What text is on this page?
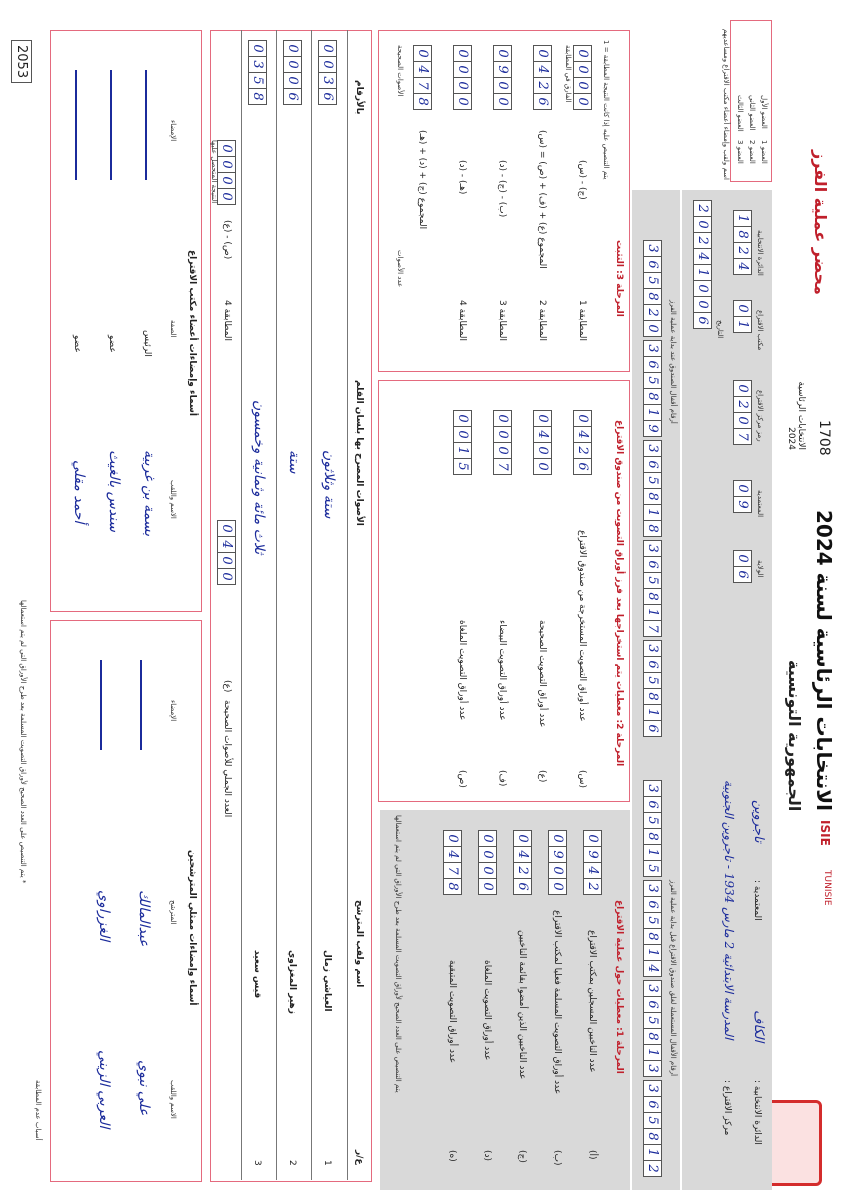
الانتخابات الرئاسية لسنة 2024
الجمهورية التونسية
1708
2053
الانتخابات الرئاسية 2024
محضر عملية الفرز
ISIE
TUNISIE
العضو 1
العضو 2
العضو 3
العضو الأول
العضو الثاني
العضو الثالث
اسم ولقب وإمضاء أعضاء مكتب الاقتراع ومساعديهم
الدائرة الانتخابية :
الكاف
المعتمدية :
تاجروين
مركز الاقتراع :
المدرسة الابتدائية 2 مارس 1934 - تاجروين الجنوبية
الولاية
0
6
المعتمدية
0
9
رمز مركز الاقتراع
0
2
0
7
مكتب الاقتراع
0
1
الدائرة الانتخابية
1
8
2
4
التاريخ
2
0
2
4
1
0
0
6
أرقام الأقفال المستعملة لغلق صندوق الاقتراع قبل بداية عملية الفرز
أرقام أقفال الصندوق عند بداية عملية الفرز
3
6
5
8
1
2
3
6
5
8
1
3
3
6
5
8
1
4
3
6
5
8
1
5
3
6
5
8
1
6
3
6
5
8
1
7
3
6
5
8
1
8
3
6
5
8
1
9
3
6
5
8
2
0
المرحلة 1: معطيات حول عملية الاقتراع
عدد الناخبين المسجلين بمكتب الاقتراع
(أ)
0
9
4
2
عدد أوراق التصويت المسلمة فعليا لمكتب الاقتراع
(ب)
0
9
0
0
عدد الناخبين الذين أمضوا بقائمة الناخبين
(ج)
0
4
2
6
عدد أوراق التصويت الملغاة
(د)
0
0
0
0
عدد أوراق التصويت المتبقية
(ه)
0
4
7
8
يتم التنصيص على العدد الصحيح لأوراق التصويت المسلمة بعد طرح الأوراق التي لم يتم استعمالها
المرحلة 2: معطيات يتم استخراجها بعد فرز أوراق التصويت من صندوق الاقتراع
عدد أوراق التصويت المستخرجة من صندوق الاقتراع
(س)
0
4
2
6
عدد أوراق التصويت الصحيحة
(ع)
0
4
0
0
عدد أوراق التصويت البيضاء
(ف)
0
0
0
7
عدد أوراق التصويت الملغاة
(ص)
0
0
1
5
المرحلة 3: التثبت
يتم التنصيص عليه إذا كانت النتيجة المطابقة = 1
المطابقة 1
(ج) - (س)
0
0
0
0
الفارق في المطابقة
المطابقة 2
المجموع (ع) + (ف) + (ص) = (س)
0
4
2
6
المطابقة 3
(ب) - (ج) - (د)
0
9
0
0
المطابقة 4
(هـ) - (د)
0
0
0
0
المجموع (ج) + (د) + (هـ)
0
4
7
8
الأصوات الصحيحة
عدد الأصوات
ع/ر
اسم ولقب المترشح
الأصوات المصرح بها بلسان القلم
بالأرقام
1
العياشي زمال
ستة وثلاثون
0
0
3
6
2
زهير المغزاوي
ستة
0
0
0
6
3
قيس سعيد
ثلاث مائة وثمانية وخمسون
0
3
5
8
العدد الجملي للأصوات الصحيحة
(ع)
0
4
0
0
المطابقة 4
(ص) - (ع)
0
0
0
0
النتيجة المتحصل عليها
أسماء وإمضاءات ممثلي المترشحين
الاسم واللقب
المترشح
الإمضاء
علي نبوي
عبدالمالك
العربي الزيني
الغزراوي
أسماء وإمضاءات أعضاء مكتب الاقتراع
الاسم واللقب
الصفة
الإمضاء
بسمة بن غربية
الرئيس
سندس بالغيث
عضو
أحمد مقلي
عضو
أسباب عدم المطابقة
* يتم التنصيص على العدد الصحيح لأوراق التصويت المسلمة بعد طرح الأوراق التي لم يتم استعمالها
